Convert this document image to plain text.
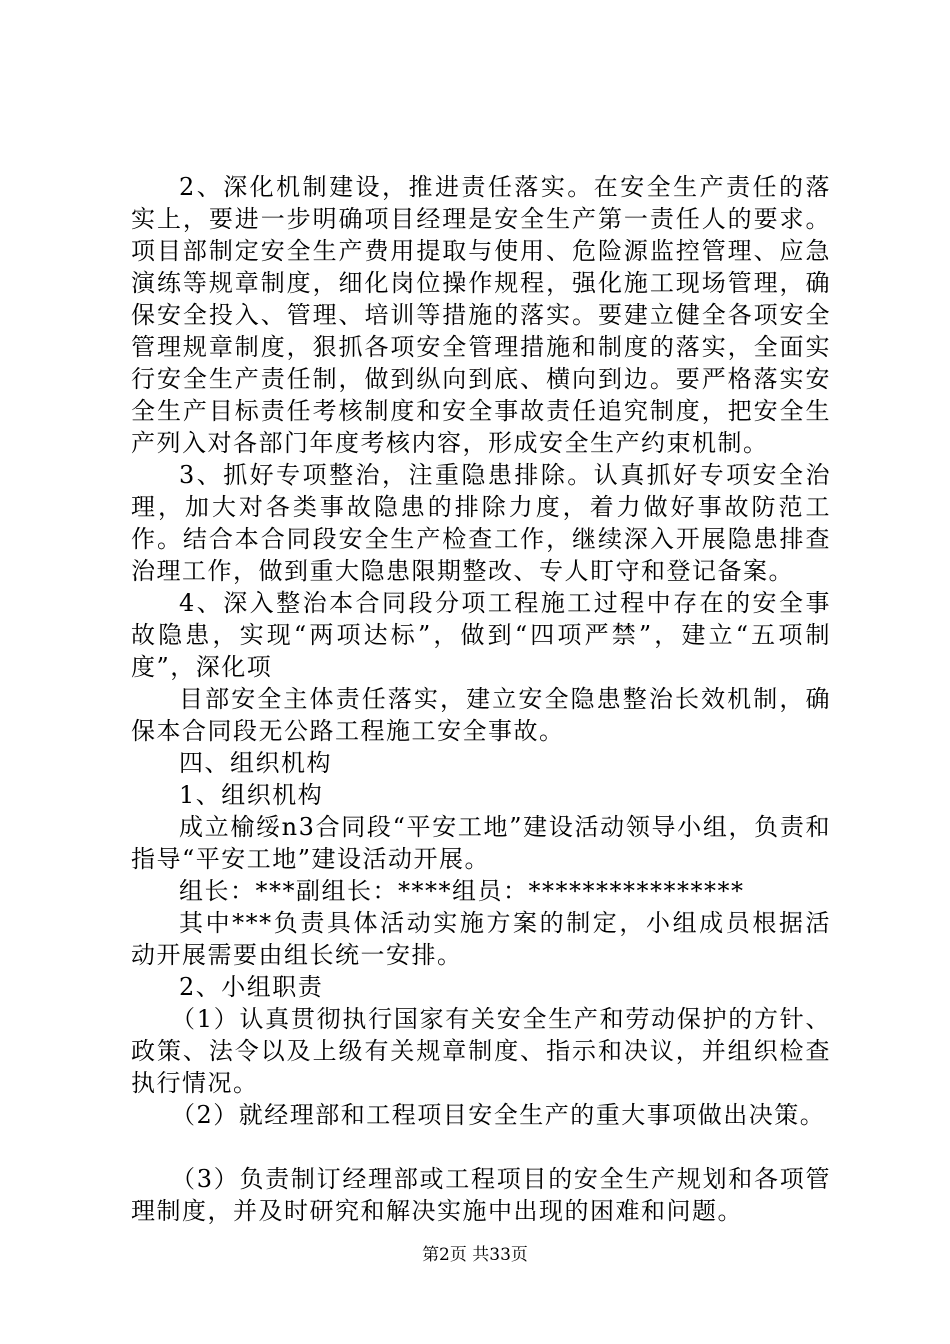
2、深化机制建设，推进责任落实。在安全生产责任的落实上，要进一步明确项目经理是安全生产第一责任人的要求。项目部制定安全生产费用提取与使用、危险源监控管理、应急演练等规章制度，细化岗位操作规程，强化施工现场管理，确保安全投入、管理、培训等措施的落实。要建立健全各项安全管理规章制度，狠抓各项安全管理措施和制度的落实，全面实行安全生产责任制，做到纵向到底、横向到边。要严格落实安全生产目标责任考核制度和安全事故责任追究制度，把安全生产列入对各部门年度考核内容，形成安全生产约束机制。

3、抓好专项整治，注重隐患排除。认真抓好专项安全治理，加大对各类事故隐患的排除力度，着力做好事故防范工作。结合本合同段安全生产检查工作，继续深入开展隐患排查治理工作，做到重大隐患限期整改、专人盯守和登记备案。

4、深入整治本合同段分项工程施工过程中存在的安全事故隐患，实现“两项达标”，做到“四项严禁”，建立“五项制度”，深化项

目部安全主体责任落实，建立安全隐患整治长效机制，确保本合同段无公路工程施工安全事故。

四、组织机构

1、组织机构

成立榆绥n3合同段“平安工地”建设活动领导小组，负责和指导“平安工地”建设活动开展。

组长：***副组长：****组员：****************

其中***负责具体活动实施方案的制定，小组成员根据活动开展需要由组长统一安排。

2、小组职责

（1）认真贯彻执行国家有关安全生产和劳动保护的方针、政策、法令以及上级有关规章制度、指示和决议，并组织检查执行情况。

（2）就经理部和工程项目安全生产的重大事项做出决策。

（3）负责制订经理部或工程项目的安全生产规划和各项管理制度，并及时研究和解决实施中出现的困难和问题。

第2页 共33页
